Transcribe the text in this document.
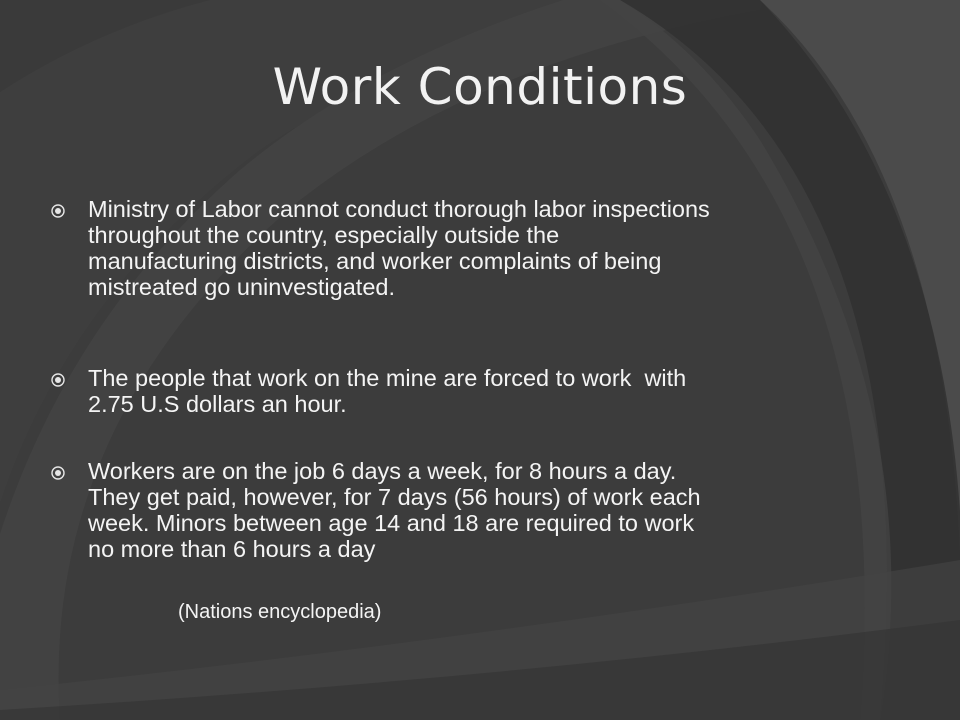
Work Conditions
Ministry of Labor cannot conduct thorough labor inspections
throughout the country, especially outside the
manufacturing districts, and worker complaints of being
mistreated go uninvestigated.
The people that work on the mine are forced to work  with
2.75 U.S dollars an hour.
Workers are on the job 6 days a week, for 8 hours a day.
They get paid, however, for 7 days (56 hours) of work each
week. Minors between age 14 and 18 are required to work
no more than 6 hours a day
(Nations encyclopedia)
